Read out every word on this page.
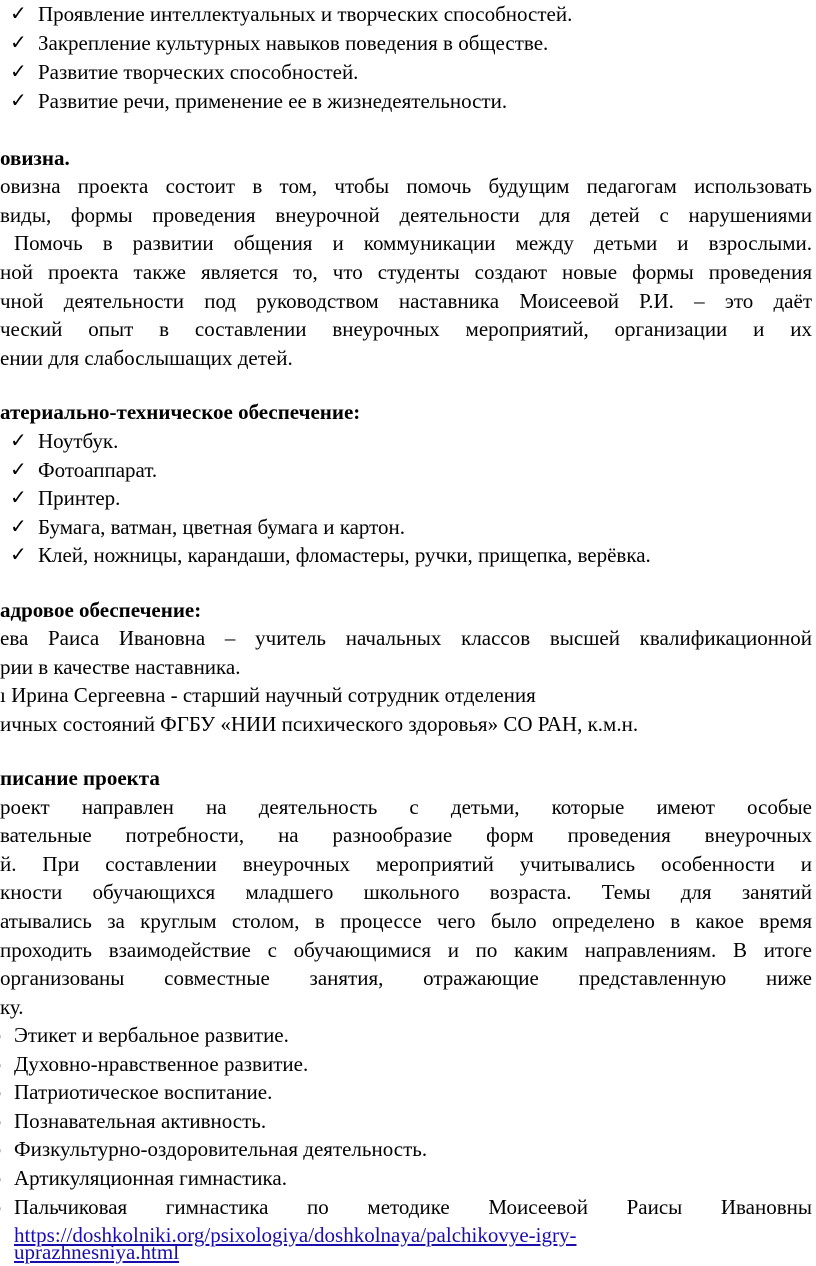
✓ Проявление интеллектуальных и творческих способностей.
✓ Закрепление культурных навыков поведения в обществе.
✓ Развитие творческих способностей.
✓ Развитие речи, применение ее в жизнедеятельности.
овизна.
овизна проекта состоит в том, чтобы помочь будущим педагогам использовать
виды, формы проведения внеурочной деятельности для детей с нарушениями
Помочь в развитии общения и коммуникации между детьми и взрослыми.
ной проекта также является то, что студенты создают новые формы проведения
чной деятельности под руководством наставника Моисеевой Р.И. – это даёт
ческий опыт в составлении внеурочных мероприятий, организации и их
ении для слабослышащих детей.
атериально-техническое обеспечение:
✓ Ноутбук.
✓ Фотоаппарат.
✓ Принтер.
✓ Бумага, ватман, цветная бумага и картон.
✓ Клей, ножницы, карандаши, фломастеры, ручки, прищепка, верёвка.
адровое обеспечение:
ева Раиса Ивановна – учитель начальных классов высшей квалификационной
рии в качестве наставника.
ı Ирина Сергеевна - старший научный сотрудник отделения
ичных состояний ФГБУ «НИИ психического здоровья» СО РАН, к.м.н.
писание проекта
роект направлен на деятельность с детьми, которые имеют особые
вательные потребности, на разнообразие форм проведения внеурочных
й. При составлении внеурочных мероприятий учитывались особенности и
кности обучающихся младшего школьного возраста. Темы для занятий
атывались за круглым столом, в процессе чего было определено в какое время
проходить взаимодействие с обучающимися и по каким направлениям. В итоге
организованы совместные занятия, отражающие представленную ниже
ку.
Этикет и вербальное развитие.
Духовно-нравственное развитие.
Патриотическое воспитание.
Познавательная активность.
Физкультурно-оздоровительная деятельность.
Артикуляционная гимнастика.
Пальчиковая гимнастика по методике Моисеевой Раисы Ивановны
https://doshkolniki.org/psixologiya/doshkolnaya/palchikovye-igry-
uprazhnesniya.html
